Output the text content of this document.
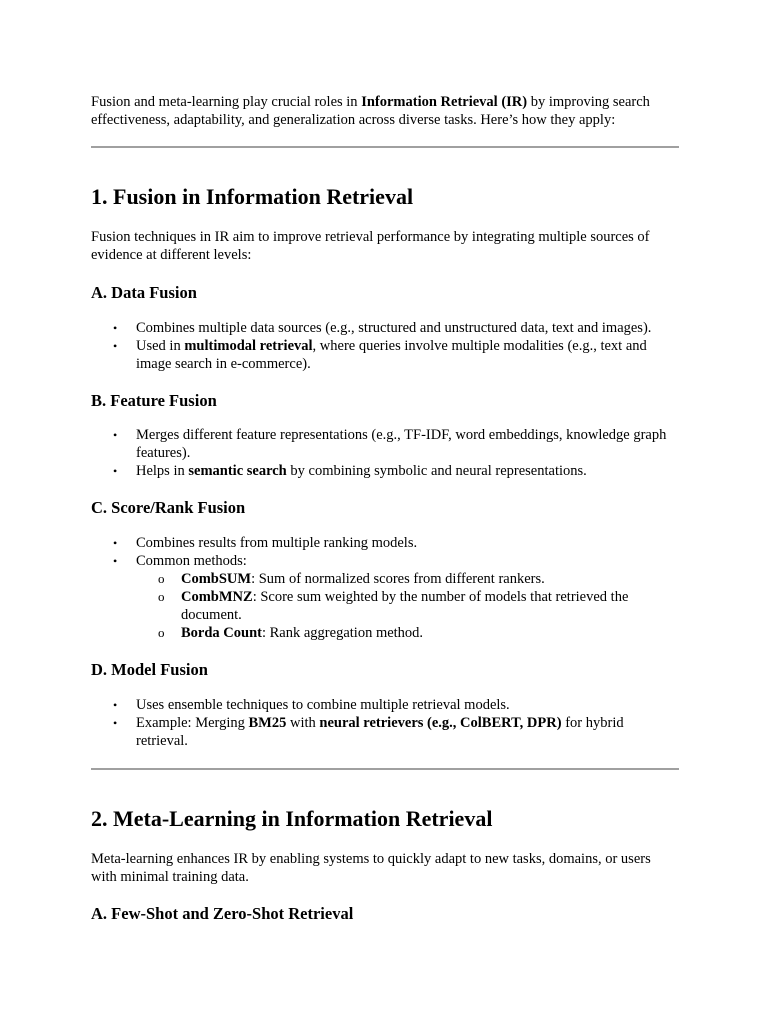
Fusion and meta-learning play crucial roles in Information Retrieval (IR) by improving search effectiveness, adaptability, and generalization across diverse tasks. Here’s how they apply:

1. Fusion in Information Retrieval

Fusion techniques in IR aim to improve retrieval performance by integrating multiple sources of evidence at different levels:

A. Data Fusion
• Combines multiple data sources (e.g., structured and unstructured data, text and images).
• Used in multimodal retrieval, where queries involve multiple modalities (e.g., text and image search in e-commerce).
B. Feature Fusion
• Merges different feature representations (e.g., TF-IDF, word embeddings, knowledge graph features).
• Helps in semantic search by combining symbolic and neural representations.
C. Score/Rank Fusion
• Combines results from multiple ranking models.
• Common methods:
o CombSUM: Sum of normalized scores from different rankers.
o CombMNZ: Score sum weighted by the number of models that retrieved the document.
o Borda Count: Rank aggregation method.
D. Model Fusion
• Uses ensemble techniques to combine multiple retrieval models.
• Example: Merging BM25 with neural retrievers (e.g., ColBERT, DPR) for hybrid retrieval.
2. Meta-Learning in Information Retrieval

Meta-learning enhances IR by enabling systems to quickly adapt to new tasks, domains, or users with minimal training data.

A. Few-Shot and Zero-Shot Retrieval
